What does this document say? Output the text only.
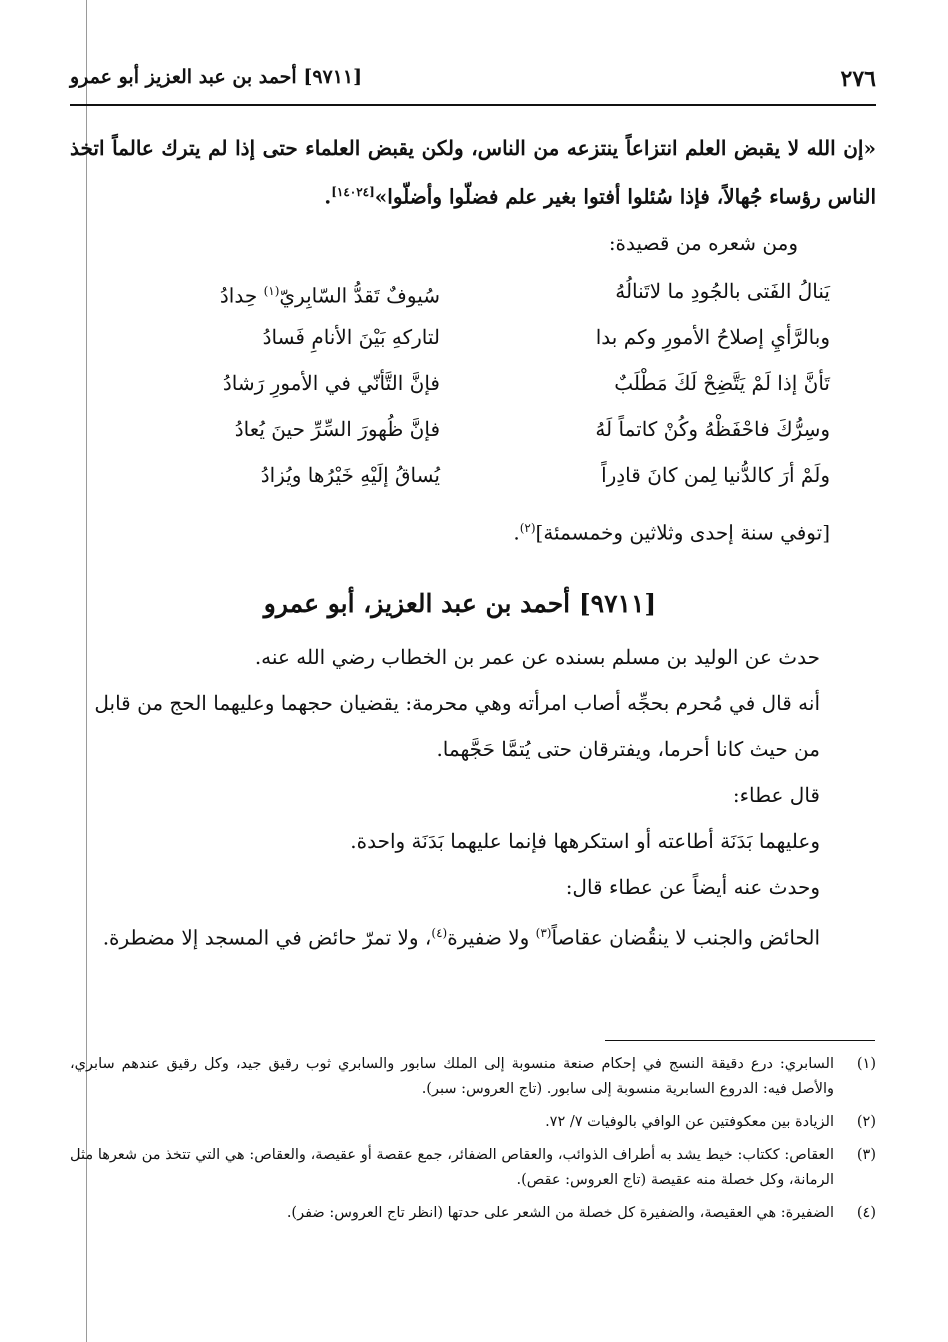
٢٧٦
[٩٧١١] أحمد بن عبد العزيز أبو عمرو

«إن الله لا يقبض العلم انتزاعاً ينتزعه من الناس، ولكن يقبض العلماء حتى إذا لم يترك عالماً اتخذ الناس رؤساء جُهالاً، فإذا سُئلوا أفتوا بغير علم فضلّوا وأضلّوا»[١٤٠٢٤].

ومن شعره من قصيدة:

يَنالُ الفَتى بالجُودِ ما لاتَنالُهُ
سُيوفٌ تَقدُّ السّابِريّ$^{(١)}$ حِدادُ
وبالرَّأيِ إصلاحُ الأمورِ وكم بدا
لتاركهِ بَيْنَ الأنامِ فَسادُ
تَأنَّ إذا لَمْ يَتَّضِحْ لَكَ مَطْلَبٌ
فإنَّ التَّأنّي في الأمورِ رَشادُ
وسِرُّكَ فاحْفَظْهُ وكُنْ كاتماً لَهُ
فإنَّ ظُهورَ السِّرِّ حينَ يُعادُ
ولَمْ أرَ كالدُّنيا لِمن كانَ قادِراً
يُساقُ إلَيْهِ خَيْرُها ويُزادُ
[توفي سنة إحدى وثلاثين وخمسمئة]$^{(٢)}$.
[٩٧١١] أحمد بن عبد العزيز، أبو عمرو

حدث عن الوليد بن مسلم بسنده عن عمر بن الخطاب رضي الله عنه.

أنه قال في مُحرم بحجِّه أصاب امرأته وهي محرمة: يقضيان حجهما وعليهما الحج من قابل من حيث كانا أحرما، ويفترقان حتى يُتمَّا حَجَّهما.

قال عطاء:

وعليهما بَدَنَة أطاعته أو استكرهها فإنما عليهما بَدَنَة واحدة.

وحدث عنه أيضاً عن عطاء قال:

الحائض والجنب لا ينقُضان عقاصاً$^{(٣)}$ ولا ضفيرة$^{(٤)}$، ولا تمرّ حائض في المسجد إلا مضطرة.

(١)
السابري: درع دقيقة النسج في إحكام صنعة منسوبة إلى الملك سابور والسابري ثوب رقيق جيد، وكل رقيق عندهم سابري، والأصل فيه: الدروع السابرية منسوبة إلى سابور. (تاج العروس: سبر).
(٢)
الزيادة بين معكوفتين عن الوافي بالوفيات ٧/ ٧٢.
(٣)
العقاص: ككتاب: خيط يشد به أطراف الذوائب، والعقاص الضفائر، جمع عقصة أو عقيصة، والعقاص: هي التي تتخذ من شعرها مثل الرمانة، وكل خصلة منه عقيصة (تاج العروس: عقص).
(٤)
الضفيرة: هي العقيصة، والضفيرة كل خصلة من الشعر على حدتها (انظر تاج العروس: ضفر).
